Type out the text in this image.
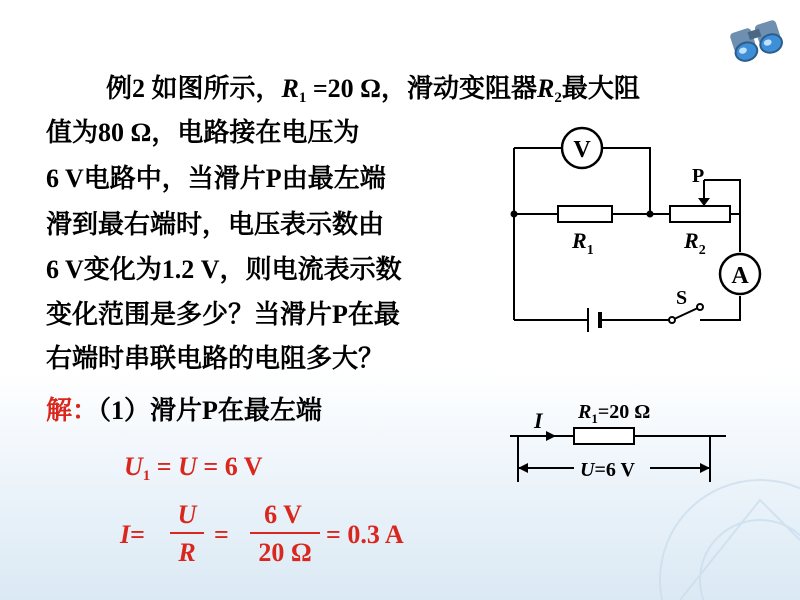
例2 如图所示，$R_1 =20$ Ω，滑动变阻器$R_2$最大阻
值为80 Ω，电路接在电压为
6 V电路中，当滑片P由最左端
滑到最右端时，电压表示数由
6 V变化为1.2 V，则电流表示数
变化范围是多少？当滑片P在最
右端时串联电路的电阻多大？
解：（1）滑片P在最左端
$U_1 = U = 6$ V
I=
U
R
=
6 V
20 Ω
= 0.3 A
V
A
P
$R_1$	$R_2$
S
I $R_1=20$ Ω
U=6 V
